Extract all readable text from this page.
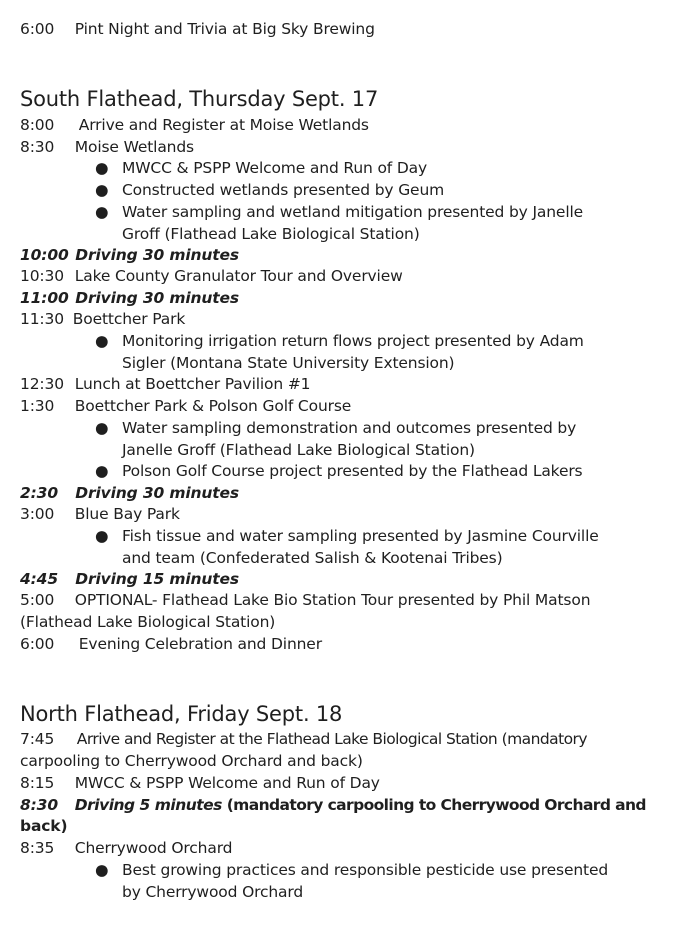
6:00 Pint Night and Trivia at Big Sky Brewing
South Flathead, Thursday Sept. 17
8:00 Arrive and Register at Moise Wetlands
8:30 Moise Wetlands
● MWCC & PSPP Welcome and Run of Day
● Constructed wetlands presented by Geum
● Water sampling and wetland mitigation presented by Janelle
Groff (Flathead Lake Biological Station)
10:00 Driving 30 minutes
10:30 Lake County Granulator Tour and Overview
11:00 Driving 30 minutes
11:30 Boettcher Park
● Monitoring irrigation return flows project presented by Adam
Sigler (Montana State University Extension)
12:30 Lunch at Boettcher Pavilion #1
1:30 Boettcher Park & Polson Golf Course
● Water sampling demonstration and outcomes presented by
Janelle Groff (Flathead Lake Biological Station)
● Polson Golf Course project presented by the Flathead Lakers
2:30 Driving 30 minutes
3:00 Blue Bay Park
● Fish tissue and water sampling presented by Jasmine Courville
and team (Confederated Salish & Kootenai Tribes)
4:45 Driving 15 minutes
5:00 OPTIONAL- Flathead Lake Bio Station Tour presented by Phil Matson
(Flathead Lake Biological Station)
6:00 Evening Celebration and Dinner
North Flathead, Friday Sept. 18
7:45 Arrive and Register at the Flathead Lake Biological Station (mandatory
carpooling to Cherrywood Orchard and back)
8:15 MWCC & PSPP Welcome and Run of Day
8:30 Driving 5 minutes (mandatory carpooling to Cherrywood Orchard and
back)
8:35 Cherrywood Orchard
● Best growing practices and responsible pesticide use presented
by Cherrywood Orchard
